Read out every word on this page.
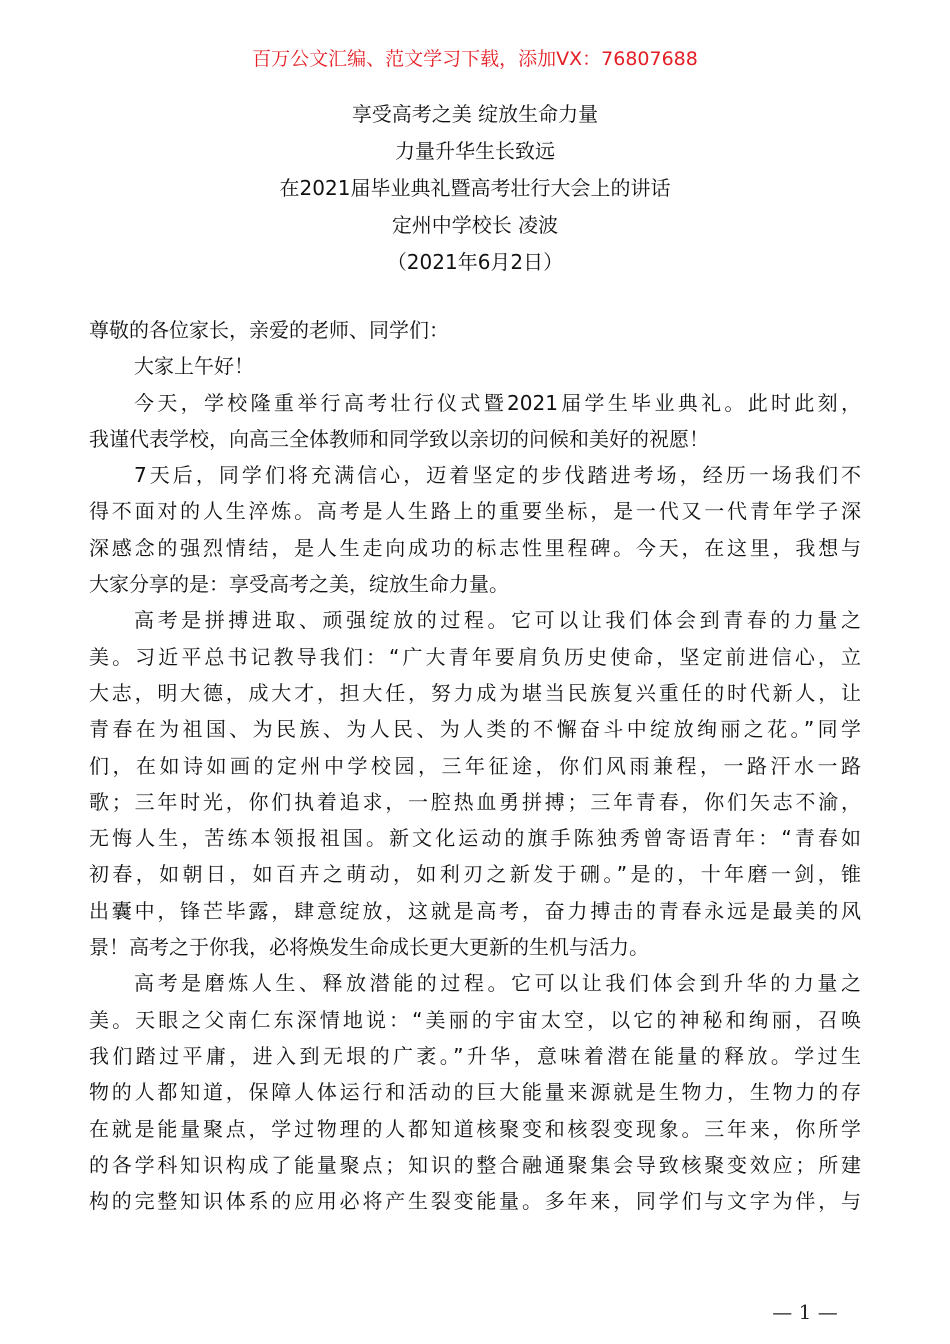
百万公文汇编、范文学习下载，添加VX：76807688
享受高考之美 绽放生命力量
力量升华生长致远
在2021届毕业典礼暨高考壮行大会上的讲话
定州中学校长 凌波
（2021年6月2日）
尊敬的各位家长，亲爱的老师、同学们：
大家上午好！
今天，学校隆重举行高考壮行仪式暨2021届学生毕业典礼。此时此刻，
我谨代表学校，向高三全体教师和同学致以亲切的问候和美好的祝愿！
7天后，同学们将充满信心，迈着坚定的步伐踏进考场，经历一场我们不
得不面对的人生淬炼。高考是人生路上的重要坐标，是一代又一代青年学子深
深感念的强烈情结，是人生走向成功的标志性里程碑。今天，在这里，我想与
大家分享的是：享受高考之美，绽放生命力量。
高考是拼搏进取、顽强绽放的过程。它可以让我们体会到青春的力量之
美。习近平总书记教导我们：“广大青年要肩负历史使命，坚定前进信心，立
大志，明大德，成大才，担大任，努力成为堪当民族复兴重任的时代新人，让
青春在为祖国、为民族、为人民、为人类的不懈奋斗中绽放绚丽之花。”同学
们，在如诗如画的定州中学校园，三年征途，你们风雨兼程，一路汗水一路
歌；三年时光，你们执着追求，一腔热血勇拼搏；三年青春，你们矢志不渝，
无悔人生，苦练本领报祖国。新文化运动的旗手陈独秀曾寄语青年：“青春如
初春，如朝日，如百卉之萌动，如利刃之新发于硎。”是的，十年磨一剑，锥
出囊中，锋芒毕露，肆意绽放，这就是高考，奋力搏击的青春永远是最美的风
景！高考之于你我，必将焕发生命成长更大更新的生机与活力。
高考是磨炼人生、释放潜能的过程。它可以让我们体会到升华的力量之
美。天眼之父南仁东深情地说：“美丽的宇宙太空，以它的神秘和绚丽，召唤
我们踏过平庸，进入到无垠的广袤。”升华，意味着潜在能量的释放。学过生
物的人都知道，保障人体运行和活动的巨大能量来源就是生物力，生物力的存
在就是能量聚点，学过物理的人都知道核聚变和核裂变现象。三年来，你所学
的各学科知识构成了能量聚点；知识的整合融通聚集会导致核聚变效应；所建
构的完整知识体系的应用必将产生裂变能量。多年来，同学们与文字为伴，与
— 1 —
